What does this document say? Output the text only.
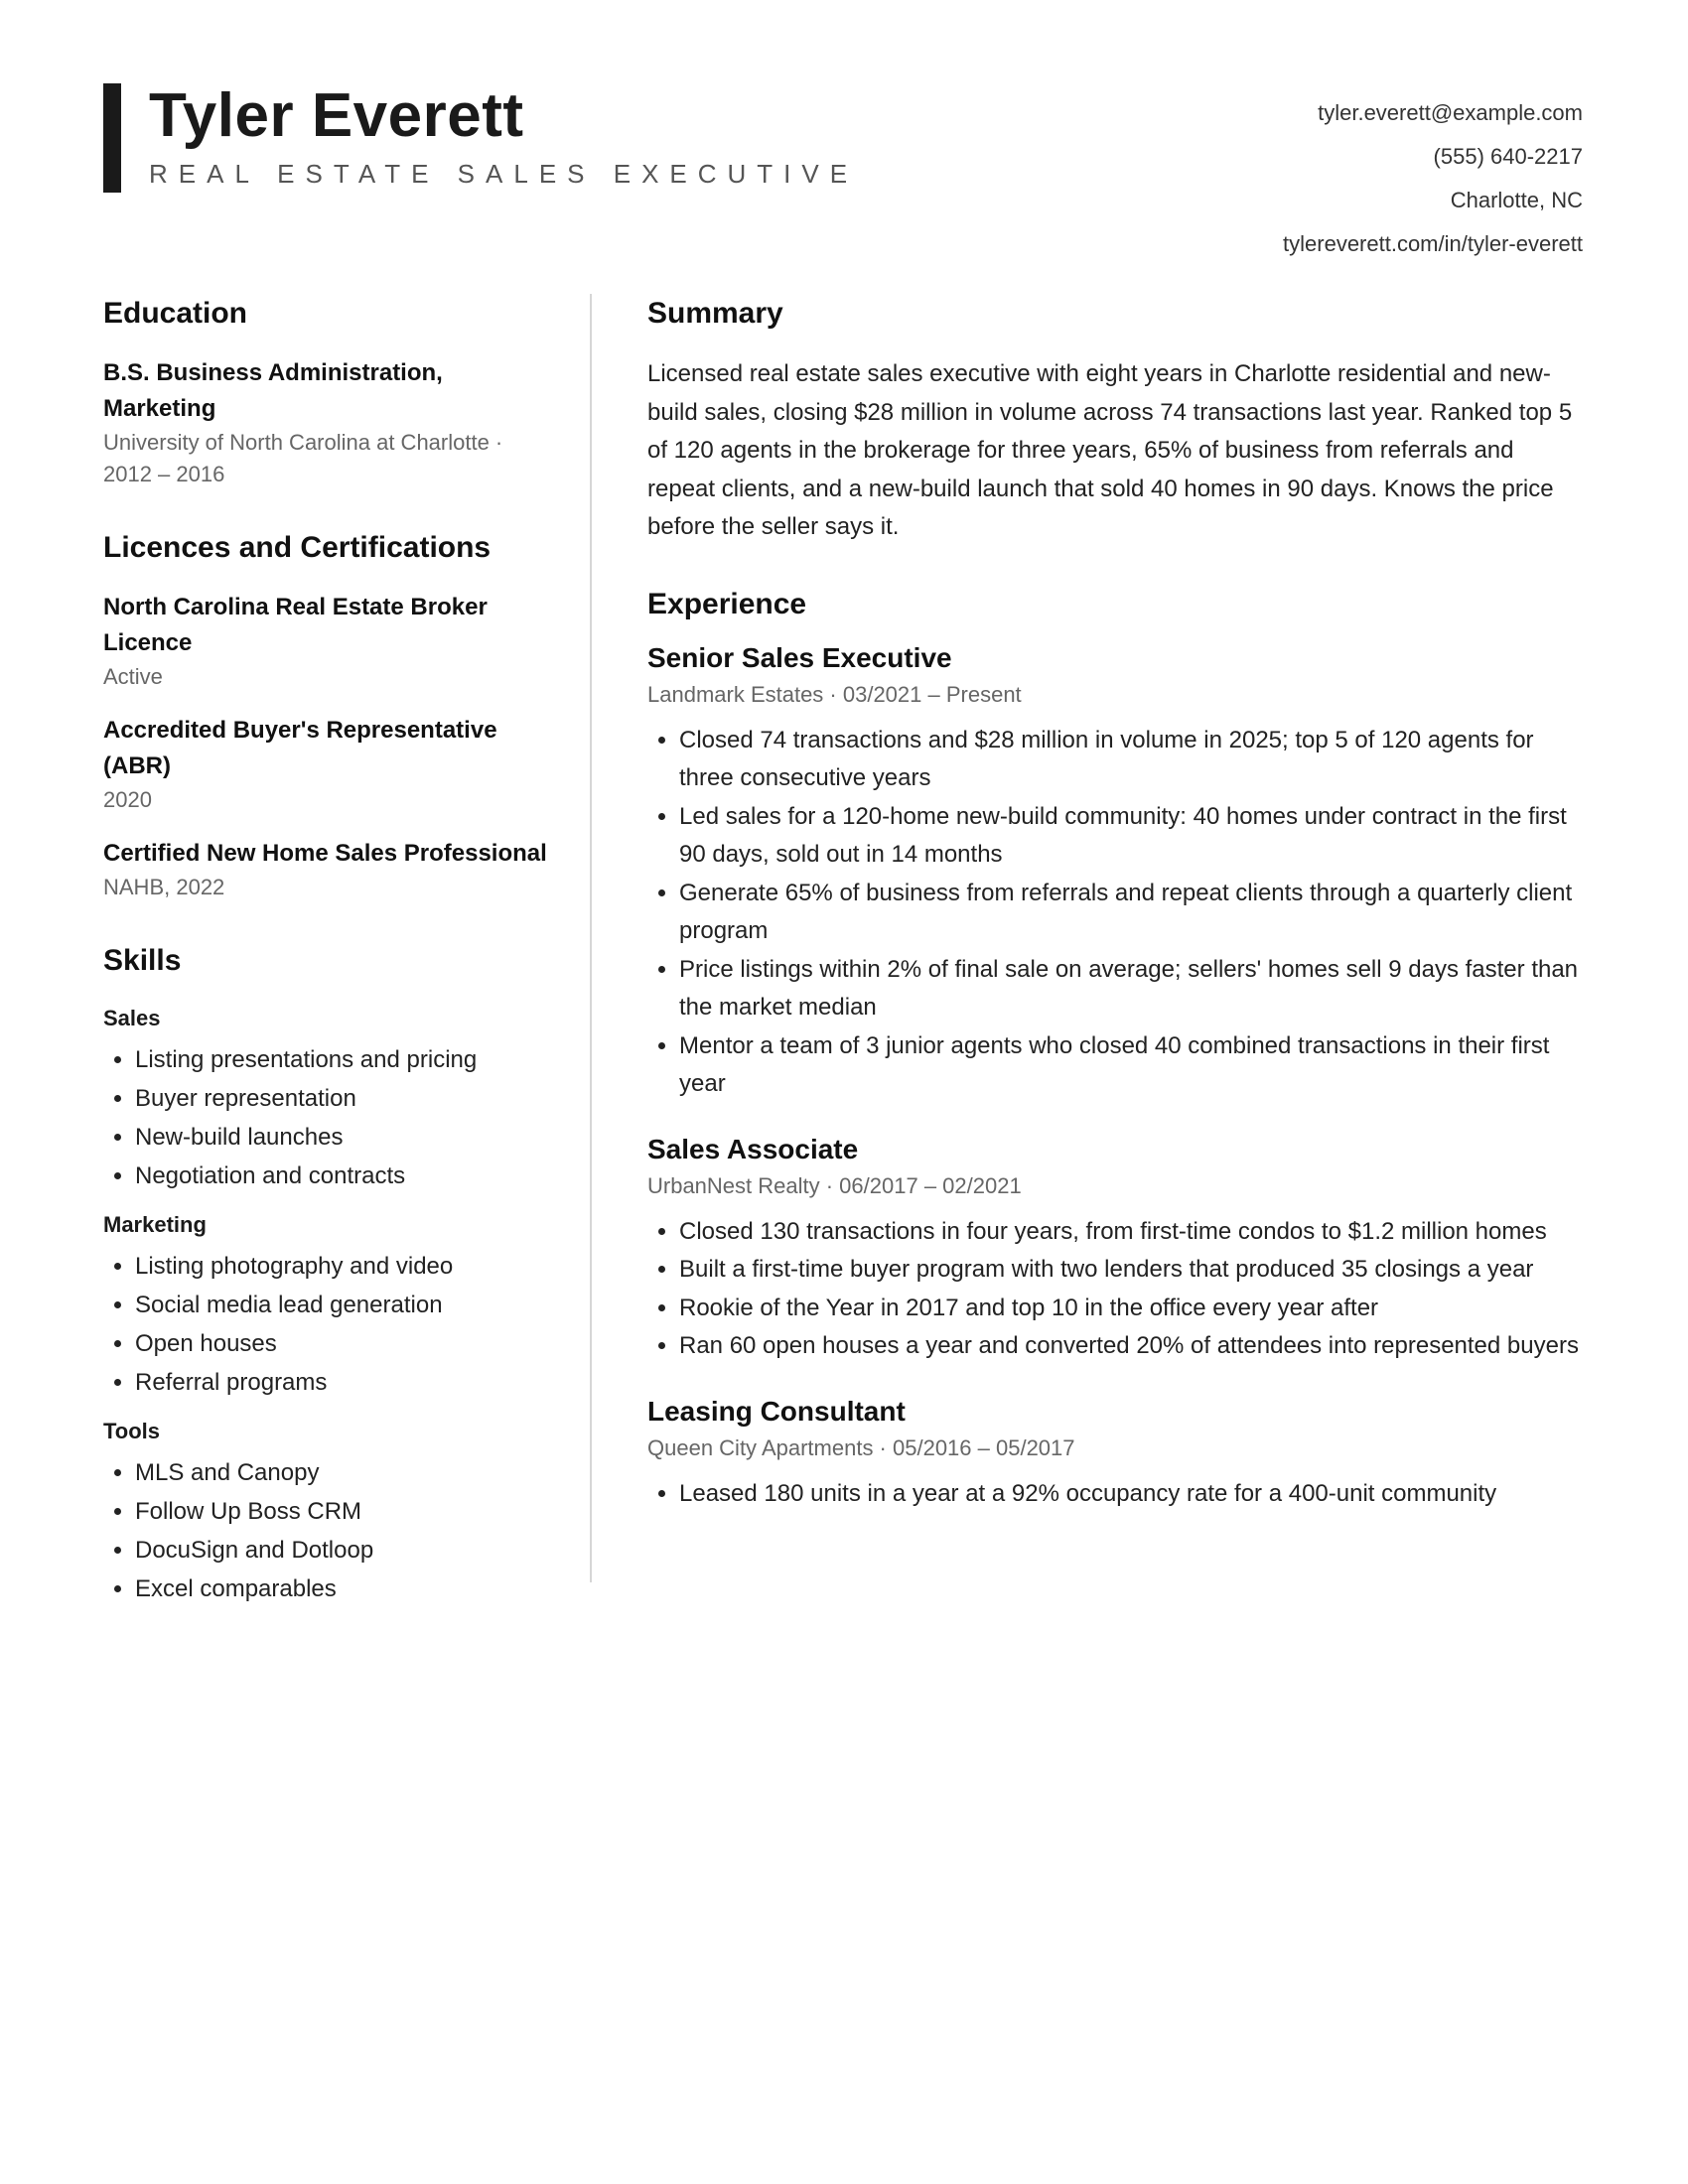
Tyler Everett
REAL ESTATE SALES EXECUTIVE
tyler.everett@example.com
(555) 640-2217
Charlotte, NC
tylereverett.com/in/tyler-everett
Education
B.S. Business Administration, Marketing
University of North Carolina at Charlotte · 2012 – 2016
Licences and Certifications
North Carolina Real Estate Broker Licence
Active
Accredited Buyer's Representative (ABR)
2020
Certified New Home Sales Professional
NAHB, 2022
Skills
Sales
• Listing presentations and pricing
• Buyer representation
• New-build launches
• Negotiation and contracts
Marketing
• Listing photography and video
• Social media lead generation
• Open houses
• Referral programs
Tools
• MLS and Canopy
• Follow Up Boss CRM
• DocuSign and Dotloop
• Excel comparables
Summary

Licensed real estate sales executive with eight years in Charlotte residential and new-build sales, closing $28 million in volume across 74 transactions last year. Ranked top 5 of 120 agents in the brokerage for three years, 65% of business from referrals and repeat clients, and a new-build launch that sold 40 homes in 90 days. Knows the price before the seller says it.

Experience
Senior Sales Executive
Landmark Estates · 03/2021 – Present
• Closed 74 transactions and $28 million in volume in 2025; top 5 of 120 agents for three consecutive years
• Led sales for a 120-home new-build community: 40 homes under contract in the first 90 days, sold out in 14 months
• Generate 65% of business from referrals and repeat clients through a quarterly client program
• Price listings within 2% of final sale on average; sellers' homes sell 9 days faster than the market median
• Mentor a team of 3 junior agents who closed 40 combined transactions in their first year
Sales Associate
UrbanNest Realty · 06/2017 – 02/2021
• Closed 130 transactions in four years, from first-time condos to $1.2 million homes
• Built a first-time buyer program with two lenders that produced 35 closings a year
• Rookie of the Year in 2017 and top 10 in the office every year after
• Ran 60 open houses a year and converted 20% of attendees into represented buyers
Leasing Consultant
Queen City Apartments · 05/2016 – 05/2017
• Leased 180 units in a year at a 92% occupancy rate for a 400-unit community
